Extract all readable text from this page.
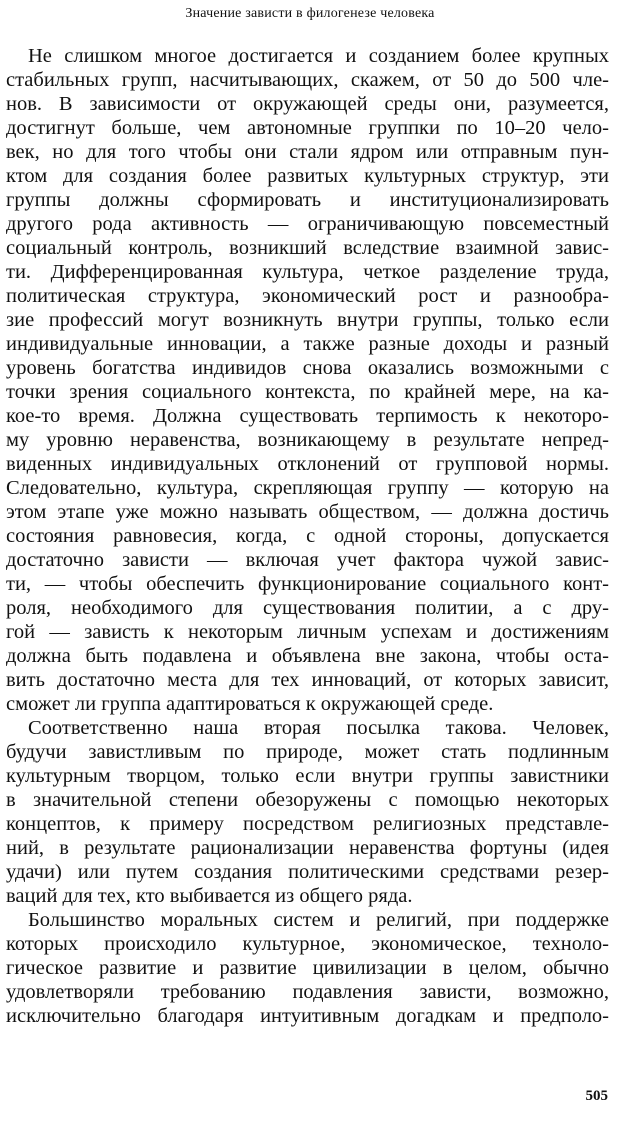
Значение зависти в филогенезе человека
Не слишком многое достигается и созданием более крупных
стабильных групп, насчитывающих, скажем, от 50 до 500 чле-
нов. В зависимости от окружающей среды они, разумеется,
достигнут больше, чем автономные группки по 10–20 чело-
век, но для того чтобы они стали ядром или отправным пун-
ктом для создания более развитых культурных структур, эти
группы должны сформировать и институционализировать
другого рода активность — ограничивающую повсеместный
социальный контроль, возникший вследствие взаимной завис-
ти. Дифференцированная культура, четкое разделение труда,
политическая структура, экономический рост и разнообра-
зие профессий могут возникнуть внутри группы, только если
индивидуальные инновации, а также разные доходы и разный
уровень богатства индивидов снова оказались возможными с
точки зрения социального контекста, по крайней мере, на ка-
кое-то время. Должна существовать терпимость к некоторо-
му уровню неравенства, возникающему в результате непред-
виденных индивидуальных отклонений от групповой нормы.
Следовательно, культура, скрепляющая группу — которую на
этом этапе уже можно называть обществом, — должна достичь
состояния равновесия, когда, с одной стороны, допускается
достаточно зависти — включая учет фактора чужой завис-
ти, — чтобы обеспечить функционирование социального конт-
роля, необходимого для существования политии, а с дру-
гой — зависть к некоторым личным успехам и достижениям
должна быть подавлена и объявлена вне закона, чтобы оста-
вить достаточно места для тех инноваций, от которых зависит,
сможет ли группа адаптироваться к окружающей среде.
Соответственно наша вторая посылка такова. Человек,
будучи завистливым по природе, может стать подлинным
культурным творцом, только если внутри группы завистники
в значительной степени обезоружены с помощью некоторых
концептов, к примеру посредством религиозных представле-
ний, в результате рационализации неравенства фортуны (идея
удачи) или путем создания политическими средствами резер-
ваций для тех, кто выбивается из общего ряда.
Большинство моральных систем и религий, при поддержке
которых происходило культурное, экономическое, техноло-
гическое развитие и развитие цивилизации в целом, обычно
удовлетворяли требованию подавления зависти, возможно,
исключительно благодаря интуитивным догадкам и предполо-
505
